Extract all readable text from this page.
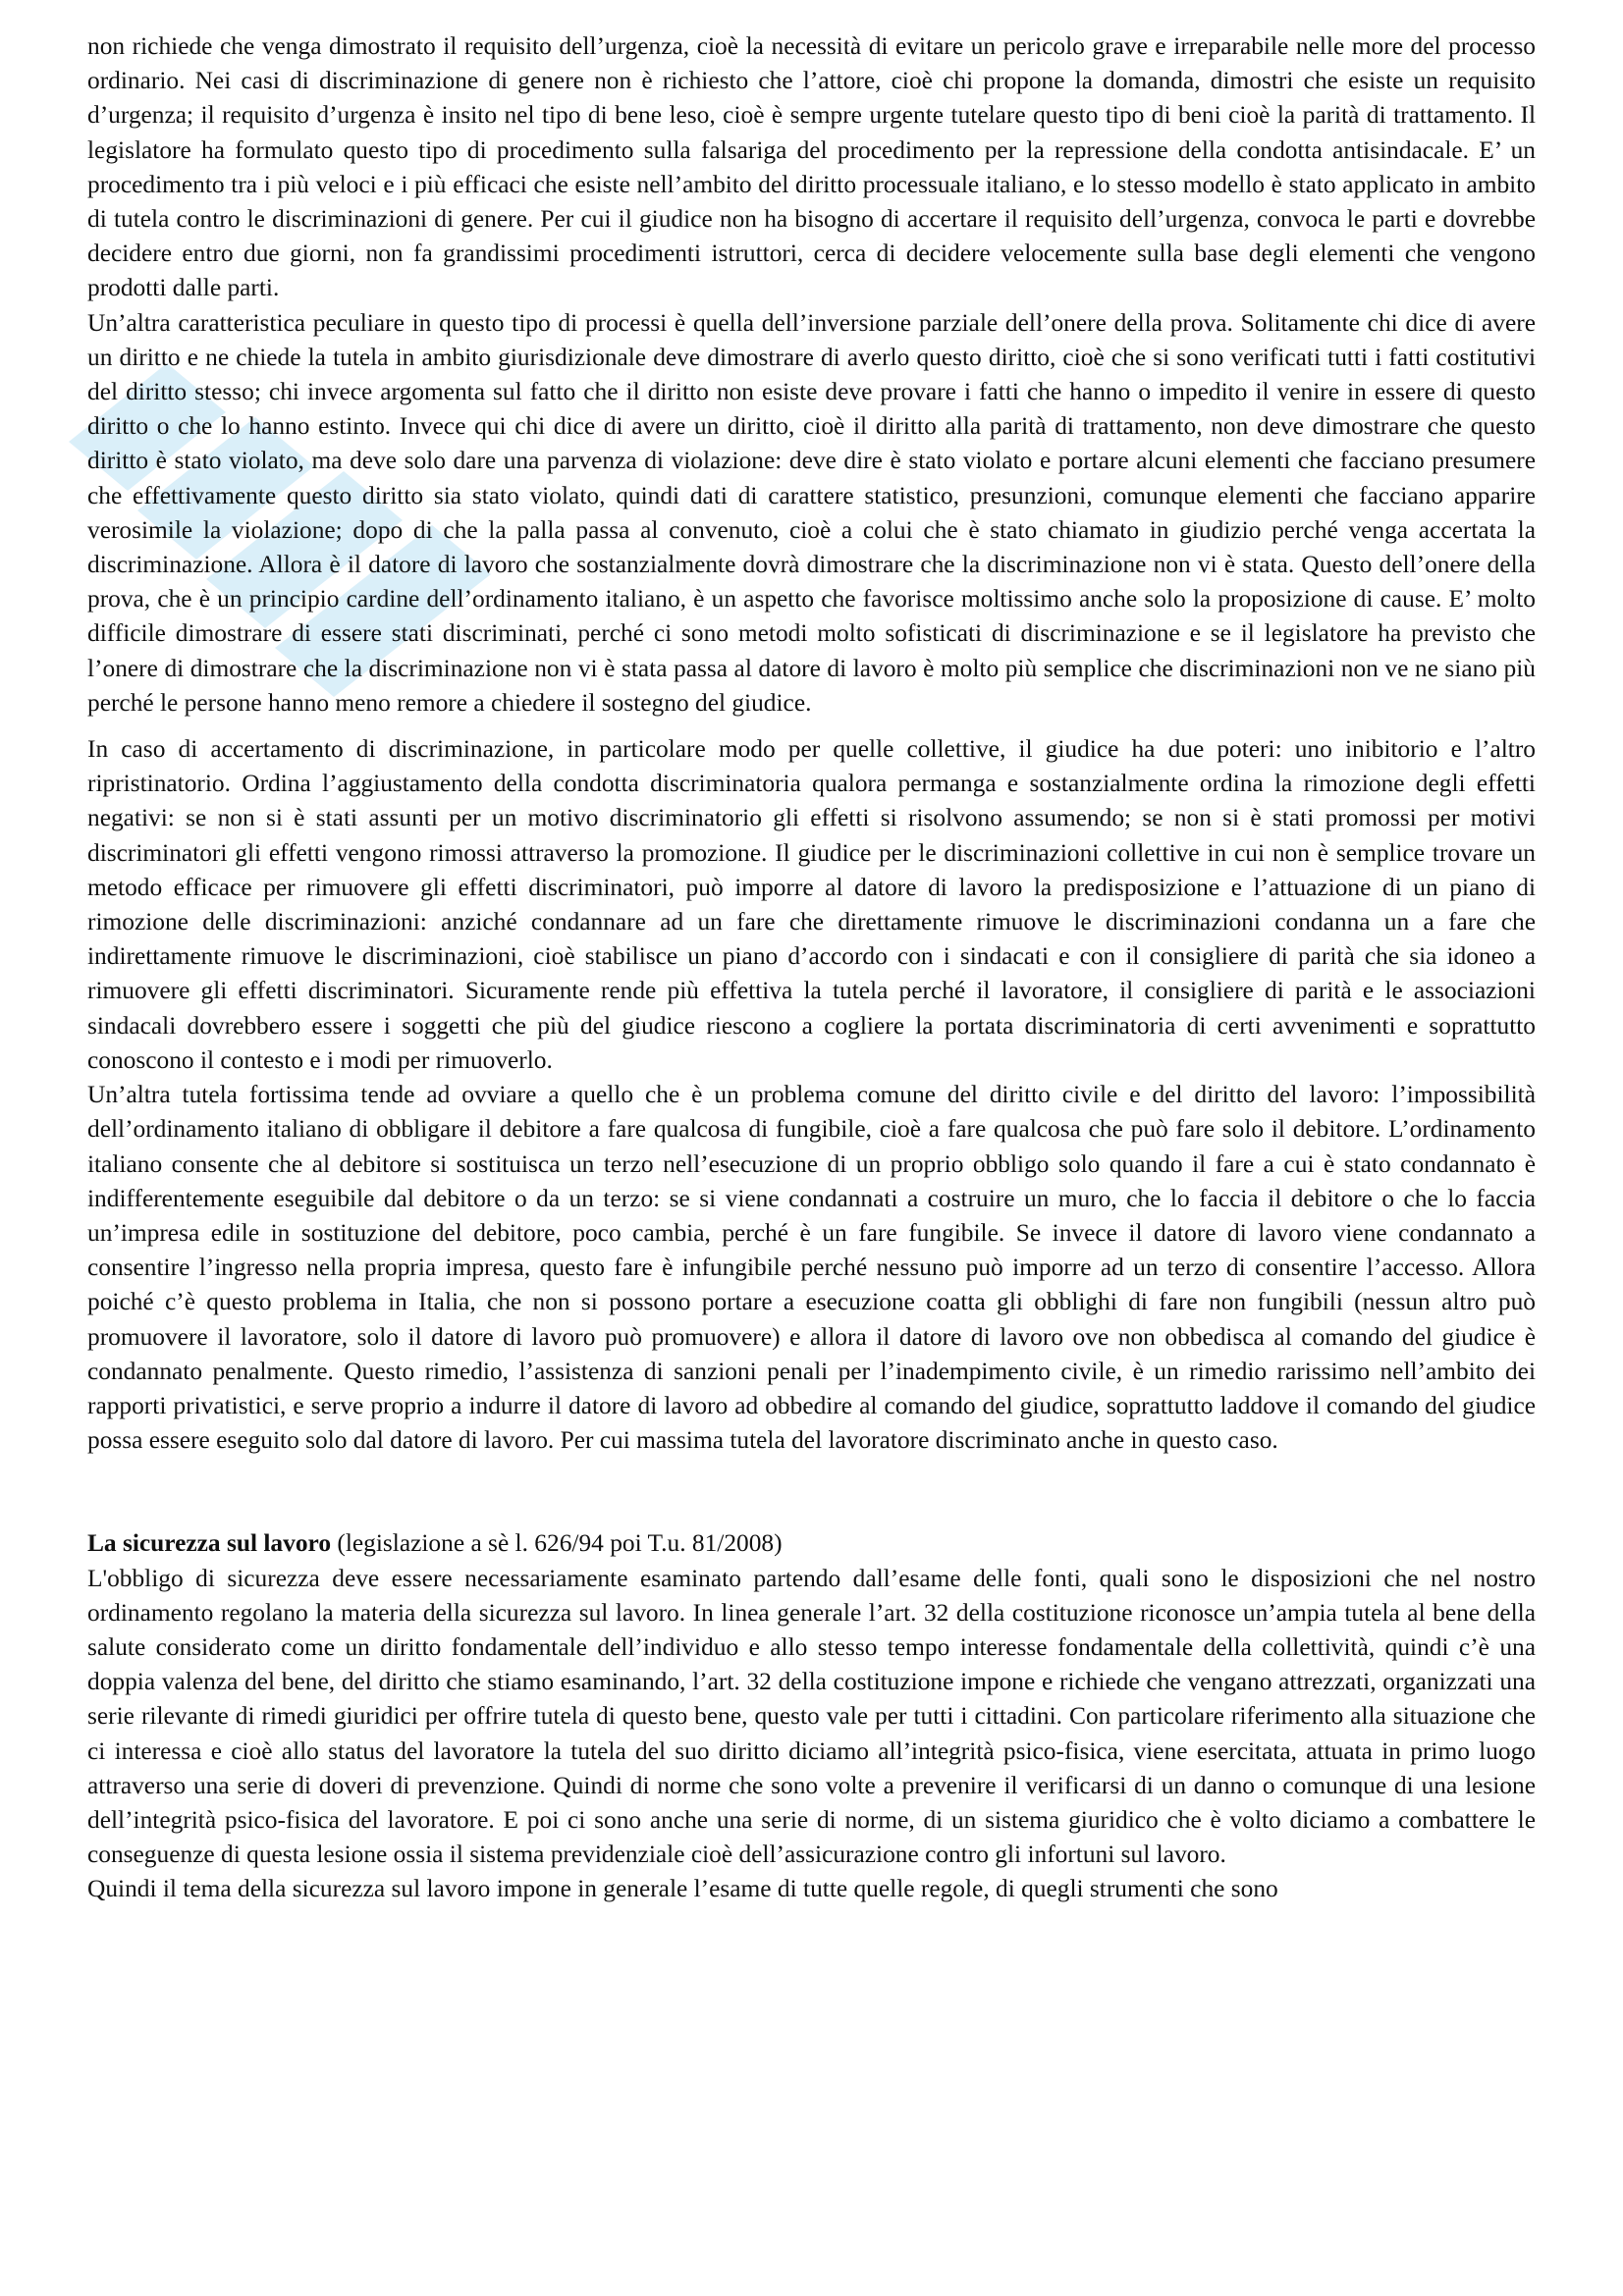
non richiede che venga dimostrato il requisito dell’urgenza, cioè la necessità di evitare un pericolo grave e irreparabile nelle more del processo ordinario. Nei casi di discriminazione di genere non è richiesto che l’attore, cioè chi propone la domanda, dimostri che esiste un requisito d’urgenza; il requisito d’urgenza è insito nel tipo di bene leso, cioè è sempre urgente tutelare questo tipo di beni cioè la parità di trattamento. Il legislatore ha formulato questo tipo di procedimento sulla falsariga del procedimento per la repressione della condotta antisindacale. E’ un procedimento tra i più veloci e i più efficaci che esiste nell’ambito del diritto processuale italiano, e lo stesso modello è stato applicato in ambito di tutela contro le discriminazioni di genere. Per cui il giudice non ha bisogno di accertare il requisito dell’urgenza, convoca le parti e dovrebbe decidere entro due giorni, non fa grandissimi procedimenti istruttori, cerca di decidere velocemente sulla base degli elementi che vengono prodotti dalle parti.

Un’altra caratteristica peculiare in questo tipo di processi è quella dell’inversione parziale dell’onere della prova. Solitamente chi dice di avere un diritto e ne chiede la tutela in ambito giurisdizionale deve dimostrare di averlo questo diritto, cioè che si sono verificati tutti i fatti costitutivi del diritto stesso; chi invece argomenta sul fatto che il diritto non esiste deve provare i fatti che hanno o impedito il venire in essere di questo diritto o che lo hanno estinto. Invece qui chi dice di avere un diritto, cioè il diritto alla parità di trattamento, non deve dimostrare che questo diritto è stato violato, ma deve solo dare una parvenza di violazione: deve dire è stato violato e portare alcuni elementi che facciano presumere che effettivamente questo diritto sia stato violato, quindi dati di carattere statistico, presunzioni, comunque elementi che facciano apparire verosimile la violazione; dopo di che la palla passa al convenuto, cioè a colui che è stato chiamato in giudizio perché venga accertata la discriminazione. Allora è il datore di lavoro che sostanzialmente dovrà dimostrare che la discriminazione non vi è stata. Questo dell’onere della prova, che è un principio cardine dell’ordinamento italiano, è un aspetto che favorisce moltissimo anche solo la proposizione di cause. E’ molto difficile dimostrare di essere stati discriminati, perché ci sono metodi molto sofisticati di discriminazione e se il legislatore ha previsto che l’onere di dimostrare che la discriminazione non vi è stata passa al datore di lavoro è molto più semplice che discriminazioni non ve ne siano più perché le persone hanno meno remore a chiedere il sostegno del giudice.

In caso di accertamento di discriminazione, in particolare modo per quelle collettive, il giudice ha due poteri: uno inibitorio e l’altro ripristinatorio. Ordina l’aggiustamento della condotta discriminatoria qualora permanga e sostanzialmente ordina la rimozione degli effetti negativi: se non si è stati assunti per un motivo discriminatorio gli effetti si risolvono assumendo; se non si è stati promossi per motivi discriminatori gli effetti vengono rimossi attraverso la promozione. Il giudice per le discriminazioni collettive in cui non è semplice trovare un metodo efficace per rimuovere gli effetti discriminatori, può imporre al datore di lavoro la predisposizione e l’attuazione di un piano di rimozione delle discriminazioni: anziché condannare ad un fare che direttamente rimuove le discriminazioni condanna un a fare che indirettamente rimuove le discriminazioni, cioè stabilisce un piano d’accordo con i sindacati e con il consigliere di parità che sia idoneo a rimuovere gli effetti discriminatori. Sicuramente rende più effettiva la tutela perché il lavoratore, il consigliere di parità e le associazioni sindacali dovrebbero essere i soggetti che più del giudice riescono a cogliere la portata discriminatoria di certi avvenimenti e soprattutto conoscono il contesto e i modi per rimuoverlo.

Un’altra tutela fortissima tende ad ovviare a quello che è un problema comune del diritto civile e del diritto del lavoro: l’impossibilità dell’ordinamento italiano di obbligare il debitore a fare qualcosa di fungibile, cioè a fare qualcosa che può fare solo il debitore. L’ordinamento italiano consente che al debitore si sostituisca un terzo nell’esecuzione di un proprio obbligo solo quando il fare a cui è stato condannato è indifferentemente eseguibile dal debitore o da un terzo: se si viene condannati a costruire un muro, che lo faccia il debitore o che lo faccia un’impresa edile in sostituzione del debitore, poco cambia, perché è un fare fungibile. Se invece il datore di lavoro viene condannato a consentire l’ingresso nella propria impresa, questo fare è infungibile perché nessuno può imporre ad un terzo di consentire l’accesso. Allora poiché c’è questo problema in Italia, che non si possono portare a esecuzione coatta gli obblighi di fare non fungibili (nessun altro può promuovere il lavoratore, solo il datore di lavoro può promuovere) e allora il datore di lavoro ove non obbedisca al comando del giudice è condannato penalmente. Questo rimedio, l’assistenza di sanzioni penali per l’inadempimento civile, è un rimedio rarissimo nell’ambito dei rapporti privatistici, e serve proprio a indurre il datore di lavoro ad obbedire al comando del giudice, soprattutto laddove il comando del giudice possa essere eseguito solo dal datore di lavoro. Per cui massima tutela del lavoratore discriminato anche in questo caso.

La sicurezza sul lavoro (legislazione a sè l. 626/94 poi T.u. 81/2008)

L'obbligo di sicurezza deve essere necessariamente esaminato partendo dall’esame delle fonti, quali sono le disposizioni che nel nostro ordinamento regolano la materia della sicurezza sul lavoro. In linea generale l’art. 32 della costituzione riconosce un’ampia tutela al bene della salute considerato come un diritto fondamentale dell’individuo e allo stesso tempo interesse fondamentale della collettività, quindi c’è una doppia valenza del bene, del diritto che stiamo esaminando, l’art. 32 della costituzione impone e richiede che vengano attrezzati, organizzati una serie rilevante di rimedi giuridici per offrire tutela di questo bene, questo vale per tutti i cittadini. Con particolare riferimento alla situazione che ci interessa e cioè allo status del lavoratore la tutela del suo diritto diciamo all’integrità psico-fisica, viene esercitata, attuata in primo luogo attraverso una serie di doveri di prevenzione. Quindi di norme che sono volte a prevenire il verificarsi di un danno o comunque di una lesione dell’integrità psico-fisica del lavoratore. E poi ci sono anche una serie di norme, di un sistema giuridico che è volto diciamo a combattere le conseguenze di questa lesione ossia il sistema previdenziale cioè dell’assicurazione contro gli infortuni sul lavoro.

Quindi il tema della sicurezza sul lavoro impone in generale l’esame di tutte quelle regole, di quegli strumenti che sono
